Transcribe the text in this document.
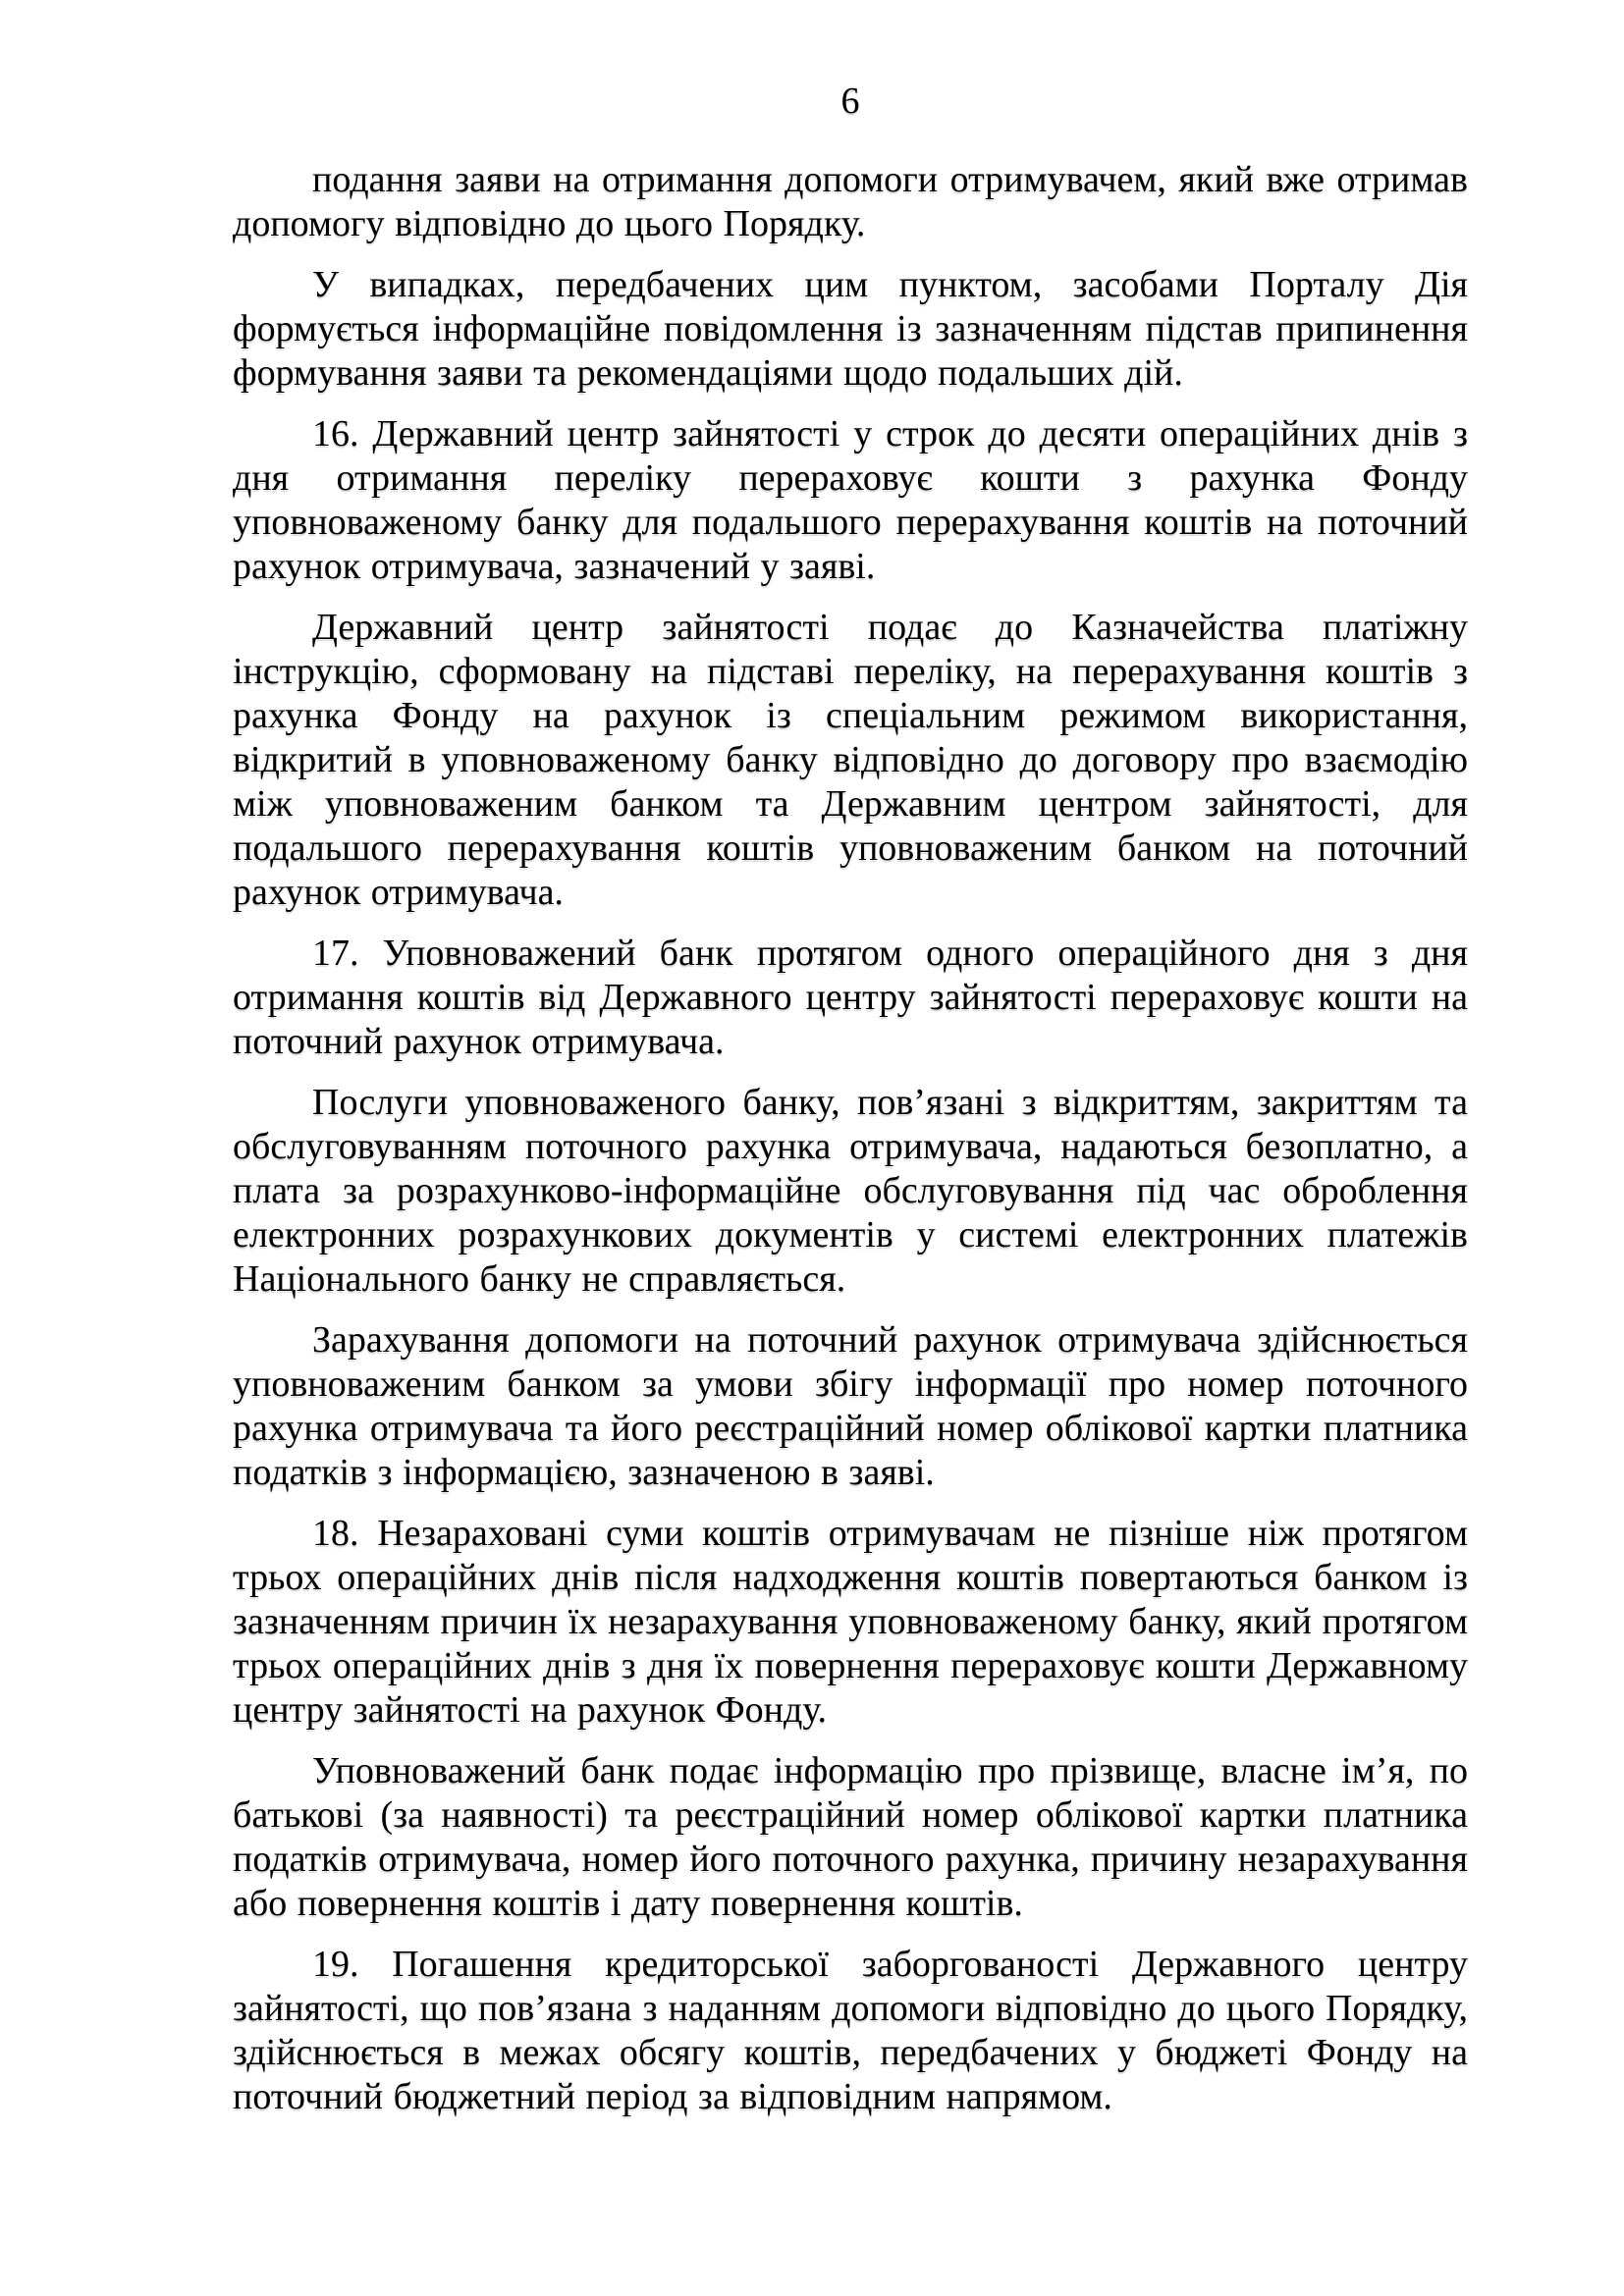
6

подання заяви на отримання допомоги отримувачем, який вже отримав допомогу відповідно до цього Порядку.

У випадках, передбачених цим пунктом, засобами Порталу Дія формується інформаційне повідомлення із зазначенням підстав припинення формування заяви та рекомендаціями щодо подальших дій.

16. Державний центр зайнятості у строк до десяти операційних днів з дня отримання переліку перераховує кошти з рахунка Фонду уповноваженому банку для подальшого перерахування коштів на поточний рахунок отримувача, зазначений у заяві.

Державний центр зайнятості подає до Казначейства платіжну інструкцію, сформовану на підставі переліку, на перерахування коштів з рахунка Фонду на рахунок із спеціальним режимом використання, відкритий в уповноваженому банку відповідно до договору про взаємодію між уповноваженим банком та Державним центром зайнятості, для подальшого перерахування коштів уповноваженим банком на поточний рахунок отримувача.

17. Уповноважений банк протягом одного операційного дня з дня отримання коштів від Державного центру зайнятості перераховує кошти на поточний рахунок отримувача.

Послуги уповноваженого банку, пов’язані з відкриттям, закриттям та обслуговуванням поточного рахунка отримувача, надаються безоплатно, а плата за розрахунково-інформаційне обслуговування під час оброблення електронних розрахункових документів у системі електронних платежів Національного банку не справляється.

Зарахування допомоги на поточний рахунок отримувача здійснюється уповноваженим банком за умови збігу інформації про номер поточного рахунка отримувача та його реєстраційний номер облікової картки платника податків з інформацією, зазначеною в заяві.

18. Незараховані суми коштів отримувачам не пізніше ніж протягом трьох операційних днів після надходження коштів повертаються банком із зазначенням причин їх незарахування уповноваженому банку, який протягом трьох операційних днів з дня їх повернення перераховує кошти Державному центру зайнятості на рахунок Фонду.

Уповноважений банк подає інформацію про прізвище, власне ім’я, по батькові (за наявності) та реєстраційний номер облікової картки платника податків отримувача, номер його поточного рахунка, причину незарахування або повернення коштів і дату повернення коштів.

19. Погашення кредиторської заборгованості Державного центру зайнятості, що пов’язана з наданням допомоги відповідно до цього Порядку, здійснюється в межах обсягу коштів, передбачених у бюджеті Фонду на поточний бюджетний період за відповідним напрямом.
